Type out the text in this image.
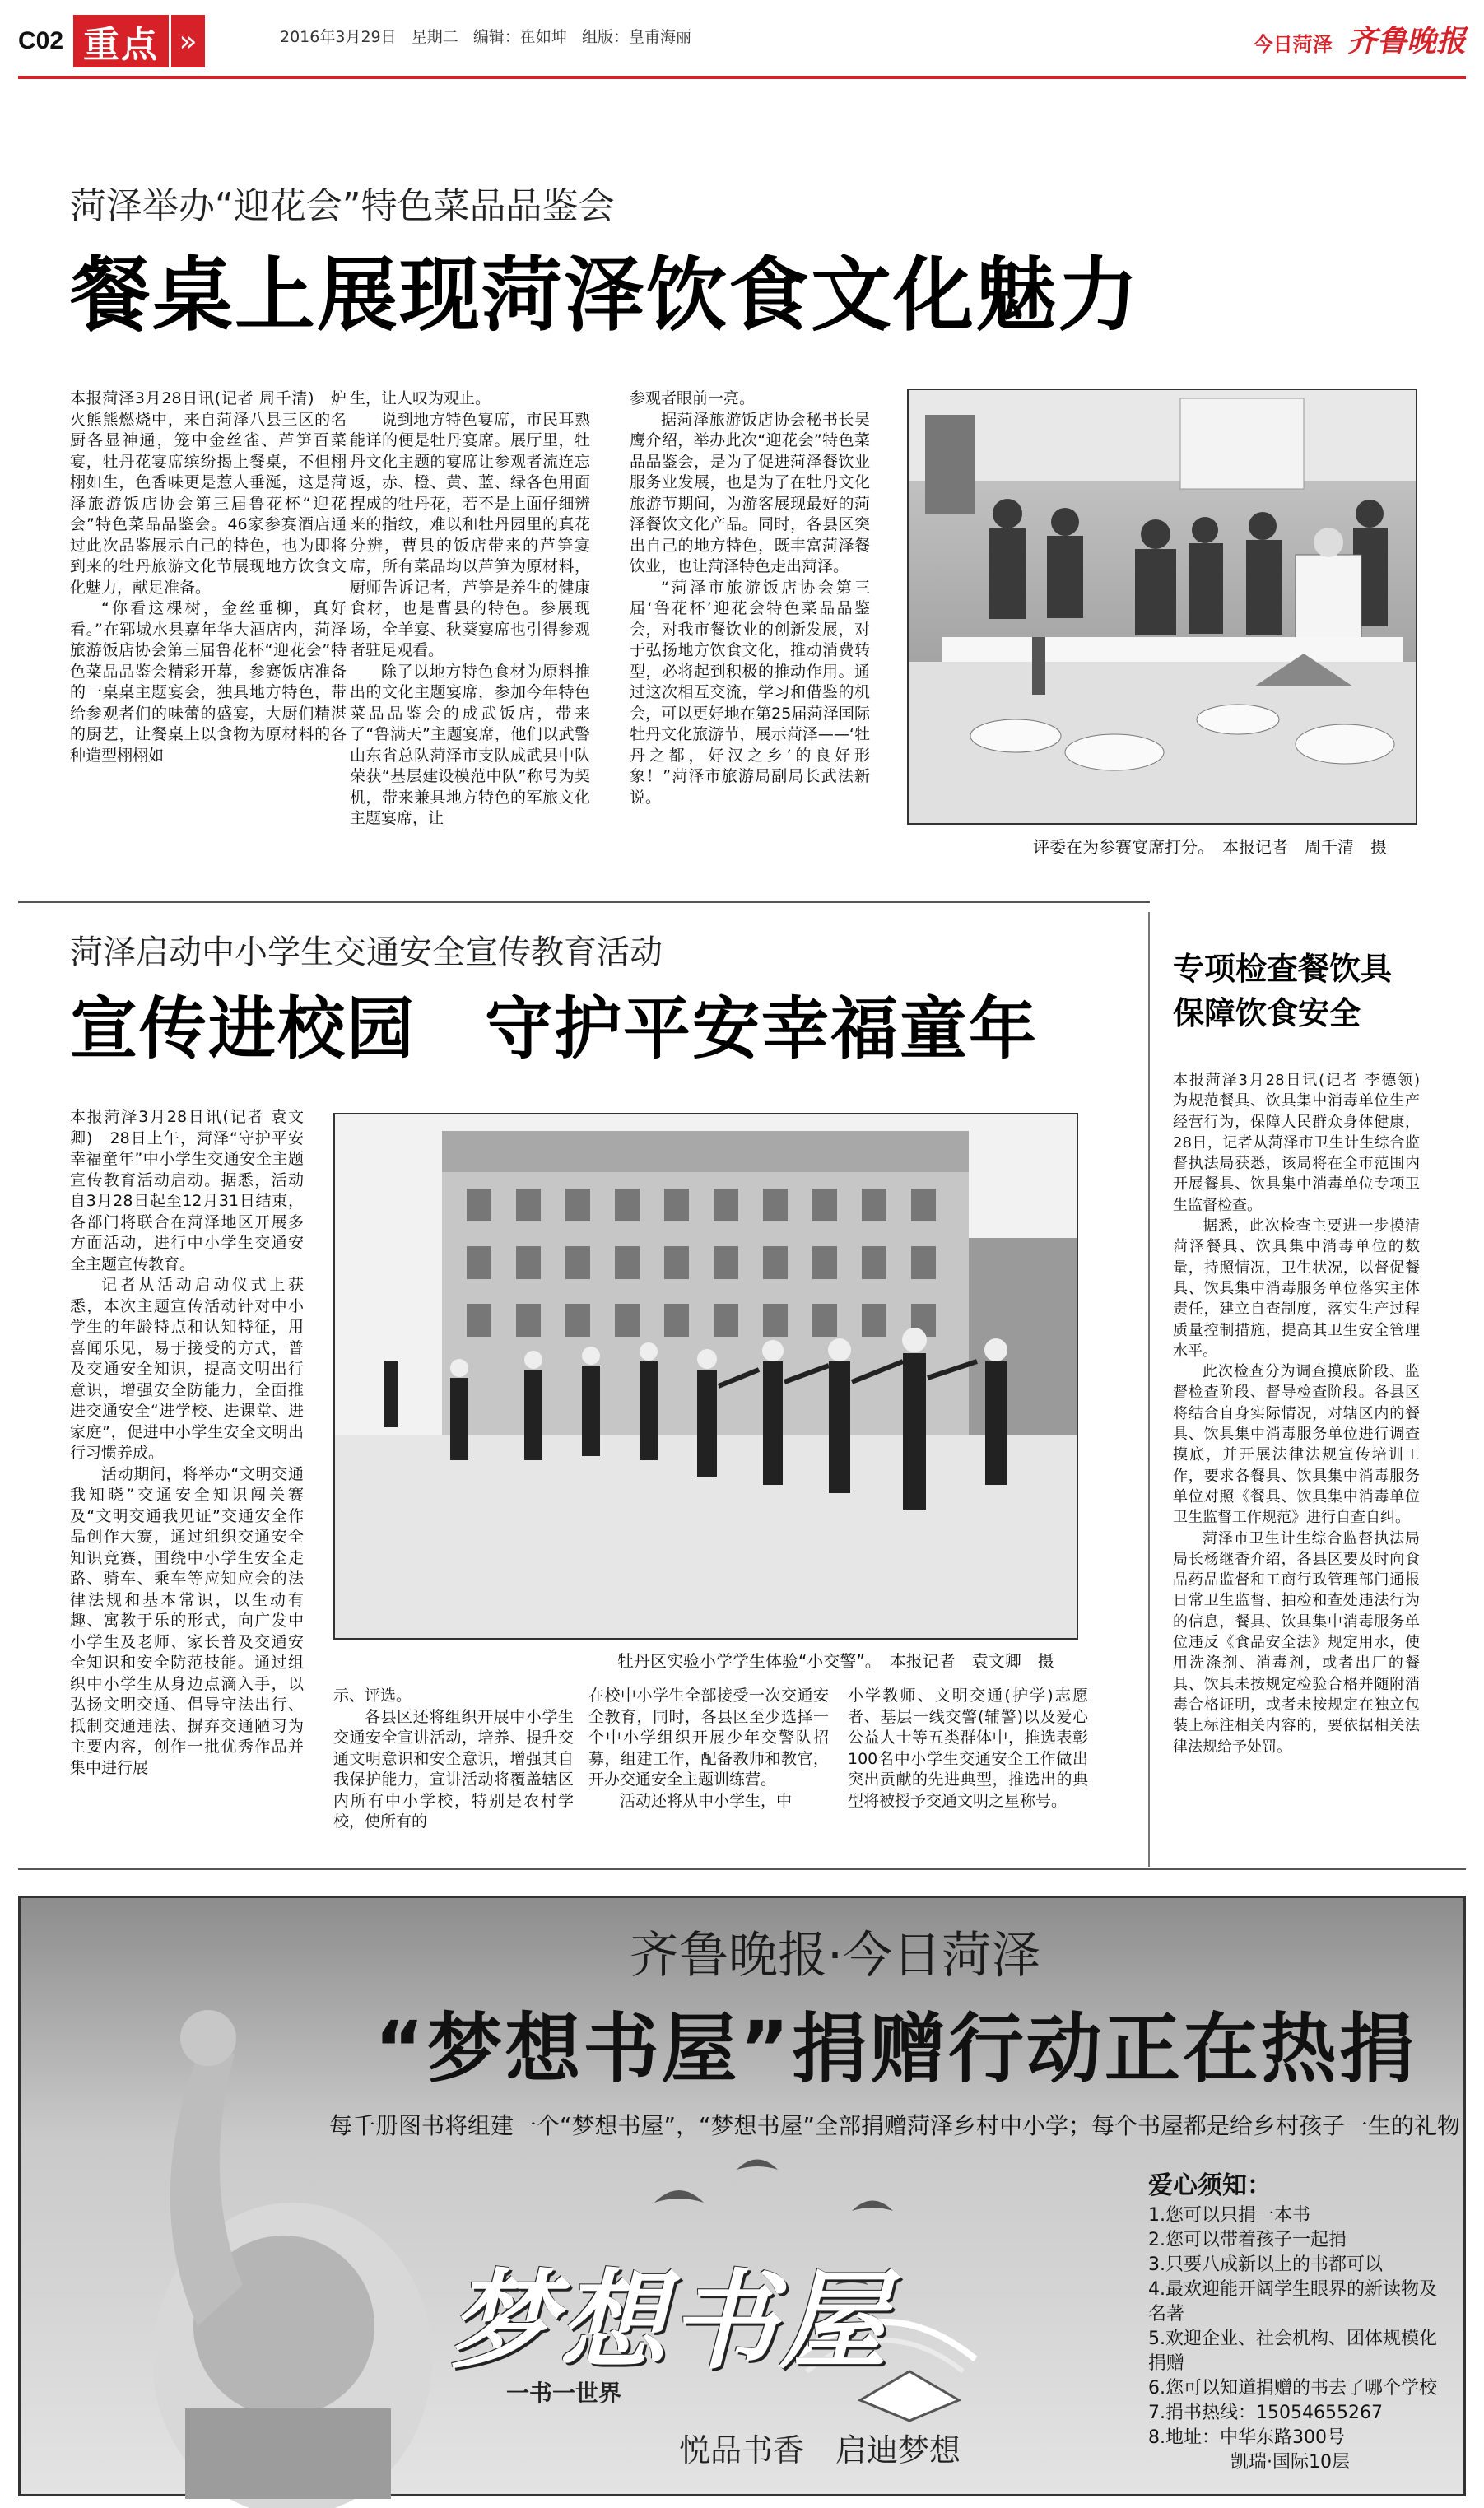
C02 重点 »	2016年3月29日 星期二 编辑：崔如坤 组版：皇甫海丽	今日菏泽 齐鲁晚报
菏泽举办“迎花会”特色菜品品鉴会
餐桌上展现菏泽饮食文化魅力

本报菏泽3月28日讯(记者 周千清)　炉火熊熊燃烧中，来自菏泽八县三区的名厨各显神通，笼中金丝雀、芦笋百菜宴，牡丹花宴席缤纷揭上餐桌，不但栩栩如生，色香味更是惹人垂涎，这是菏泽旅游饭店协会第三届鲁花杯“迎花会”特色菜品品鉴会。46家参赛酒店通过此次品鉴展示自己的特色，也为即将到来的牡丹旅游文化节展现地方饮食文化魅力，献足准备。

“你看这棵树，金丝垂柳，真好看。”在郓城水县嘉年华大酒店内，菏泽旅游饭店协会第三届鲁花杯“迎花会”特色菜品品鉴会精彩开幕，参赛饭店准备的一桌桌主题宴会，独具地方特色，带给参观者们的味蕾的盛宴，大厨们精湛的厨艺，让餐桌上以食物为原材料的各种造型栩栩如

生，让人叹为观止。

说到地方特色宴席，市民耳熟能详的便是牡丹宴席。展厅里，牡丹文化主题的宴席让参观者流连忘返，赤、橙、黄、蓝、绿各色用面捏成的牡丹花，若不是上面仔细辨来的指纹，难以和牡丹园里的真花分辨，曹县的饭店带来的芦笋宴席，所有菜品均以芦笋为原材料，厨师告诉记者，芦笋是养生的健康食材，也是曹县的特色。参展现场，全羊宴、秋葵宴席也引得参观者驻足观看。

除了以地方特色食材为原料推出的文化主题宴席，参加今年特色菜品品鉴会的成武饭店，带来了“鲁满天”主题宴席，他们以武警山东省总队菏泽市支队成武县中队荣获“基层建设模范中队”称号为契机，带来兼具地方特色的军旅文化主题宴席，让

参观者眼前一亮。

据菏泽旅游饭店协会秘书长吴鹰介绍，举办此次“迎花会”特色菜品品鉴会，是为了促进菏泽餐饮业服务业发展，也是为了在牡丹文化旅游节期间，为游客展现最好的菏泽餐饮文化产品。同时，各县区突出自己的地方特色，既丰富菏泽餐饮业，也让菏泽特色走出菏泽。

“菏泽市旅游饭店协会第三届‘鲁花杯’迎花会特色菜品品鉴会，对我市餐饮业的创新发展，对于弘扬地方饮食文化，推动消费转型，必将起到积极的推动作用。通过这次相互交流，学习和借鉴的机会，可以更好地在第25届菏泽国际牡丹文化旅游节，展示菏泽——‘牡丹之都，好汉之乡’的良好形象！”菏泽市旅游局副局长武法新说。

评委在为参赛宴席打分。　本报记者　周千清　摄
菏泽启动中小学生交通安全宣传教育活动
宣传进校园　守护平安幸福童年

本报菏泽3月28日讯(记者 袁文卿)　28日上午，菏泽“守护平安幸福童年”中小学生交通安全主题宣传教育活动启动。据悉，活动自3月28日起至12月31日结束，各部门将联合在菏泽地区开展多方面活动，进行中小学生交通安全主题宣传教育。

记者从活动启动仪式上获悉，本次主题宣传活动针对中小学生的年龄特点和认知特征，用喜闻乐见，易于接受的方式，普及交通安全知识，提高文明出行意识，增强安全防能力，全面推进交通安全“进学校、进课堂、进家庭”，促进中小学生安全文明出行习惯养成。

活动期间，将举办“文明交通我知晓”交通安全知识闯关赛及“文明交通我见证”交通安全作品创作大赛，通过组织交通安全知识竞赛，围绕中小学生安全走路、骑车、乘车等应知应会的法律法规和基本常识，以生动有趣、寓教于乐的形式，向广发中小学生及老师、家长普及交通安全知识和安全防范技能。通过组织中小学生从身边点滴入手，以弘扬文明交通、倡导守法出行、抵制交通违法、摒弃交通陋习为主要内容，创作一批优秀作品并集中进行展

牡丹区实验小学学生体验“小交警”。　本报记者　袁文卿　摄

示、评选。

各县区还将组织开展中小学生交通安全宣讲活动，培养、提升交通文明意识和安全意识，增强其自我保护能力，宣讲活动将覆盖辖区内所有中小学校，特别是农村学校，使所有的

在校中小学生全部接受一次交通安全教育，同时，各县区至少选择一个中小学组织开展少年交警队招募，组建工作，配备教师和教官，开办交通安全主题训练营。

活动还将从中小学生，中

小学教师、文明交通(护学)志愿者、基层一线交警(辅警)以及爱心公益人士等五类群体中，推选表彰100名中小学生交通安全工作做出突出贡献的先进典型，推选出的典型将被授予交通文明之星称号。

专项检查餐饮具
保障饮食安全

本报菏泽3月28日讯(记者 李德领)　为规范餐具、饮具集中消毒单位生产经营行为，保障人民群众身体健康，28日，记者从菏泽市卫生计生综合监督执法局获悉，该局将在全市范围内开展餐具、饮具集中消毒单位专项卫生监督检查。

据悉，此次检查主要进一步摸清菏泽餐具、饮具集中消毒单位的数量，持照情况，卫生状况，以督促餐具、饮具集中消毒服务单位落实主体责任，建立自查制度，落实生产过程质量控制措施，提高其卫生安全管理水平。

此次检查分为调查摸底阶段、监督检查阶段、督导检查阶段。各县区将结合自身实际情况，对辖区内的餐具、饮具集中消毒服务单位进行调查摸底，并开展法律法规宣传培训工作，要求各餐具、饮具集中消毒服务单位对照《餐具、饮具集中消毒单位卫生监督工作规范》进行自查自纠。

菏泽市卫生计生综合监督执法局局长杨继香介绍，各县区要及时向食品药品监督和工商行政管理部门通报日常卫生监督、抽检和查处违法行为的信息，餐具、饮具集中消毒服务单位违反《食品安全法》规定用水，使用洗涤剂、消毒剂，或者出厂的餐具、饮具未按规定检验合格并随附消毒合格证明，或者未按规定在独立包装上标注相关内容的，要依据相关法律法规给予处罚。

齐鲁晚报·今日菏泽
“梦想书屋”捐赠行动正在热捐
每千册图书将组建一个“梦想书屋”，“梦想书屋”全部捐赠菏泽乡村中小学；每个书屋都是给乡村孩子一生的礼物
梦想书屋
一书一世界
悦品书香　启迪梦想
爱心须知：
1.您可以只捐一本书
2.您可以带着孩子一起捐
3.只要八成新以上的书都可以
4.最欢迎能开阔学生眼界的新读物及名著
5.欢迎企业、社会机构、团体规模化捐赠
6.您可以知道捐赠的书去了哪个学校
7.捐书热线：15054655267
8.地址：中华东路300号
凯瑞·国际10层
